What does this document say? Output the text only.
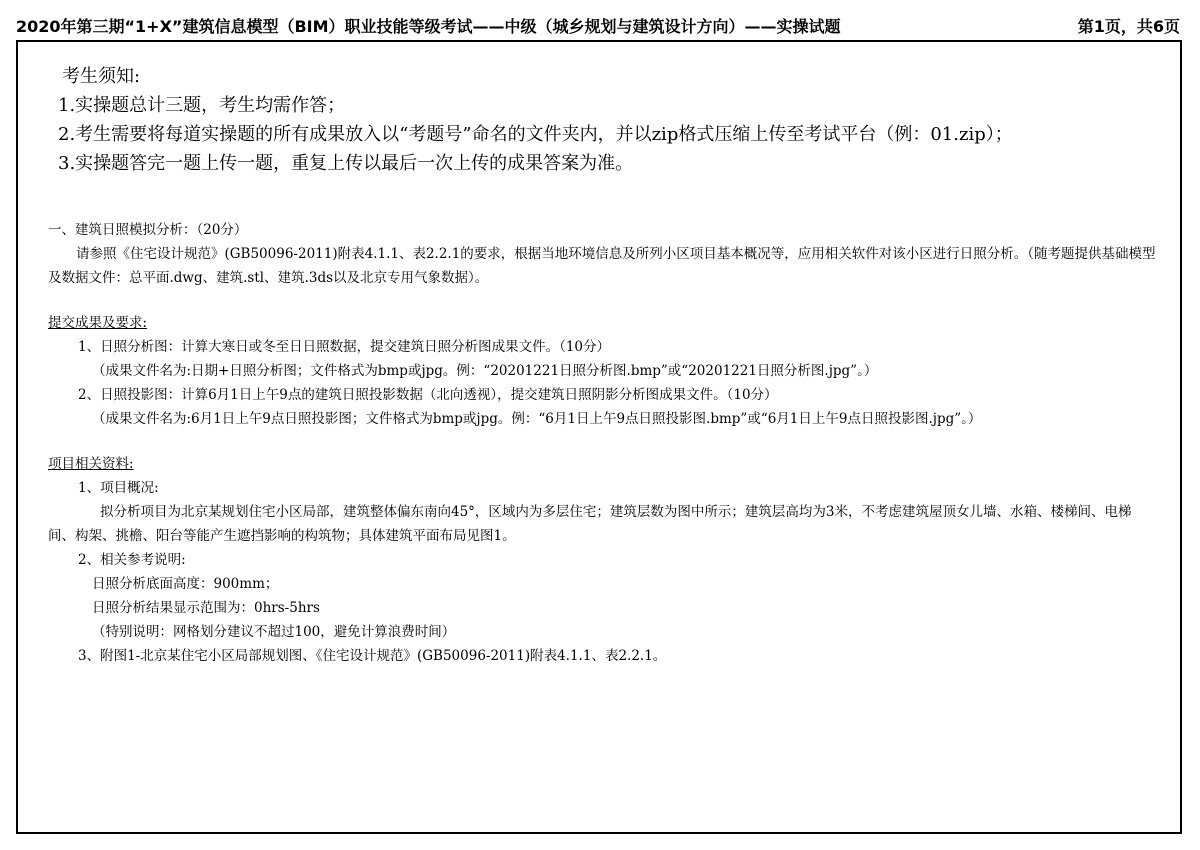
2020年第三期“1+X”建筑信息模型（BIM）职业技能等级考试——中级（城乡规划与建筑设计方向）——实操试题	第1页，共6页
考生须知:
1.实操题总计三题，考生均需作答；
2.考生需要将每道实操题的所有成果放入以“考题号”命名的文件夹内，并以zip格式压缩上传至考试平台（例：01.zip）；
3.实操题答完一题上传一题，重复上传以最后一次上传的成果答案为准。
一、建筑日照模拟分析：（20分）
请参照《住宅设计规范》(GB50096-2011)附表4.1.1、表2.2.1的要求，根据当地环境信息及所列小区项目基本概况等，应用相关软件对该小区进行日照分析。（随考题提供基础模型及数据文件：总平面.dwg、建筑.stl、建筑.3ds以及北京专用气象数据）。
提交成果及要求:
1、日照分析图：计算大寒日或冬至日日照数据，提交建筑日照分析图成果文件。（10分）
（成果文件名为:日期+日照分析图；文件格式为bmp或jpg。例：“20201221日照分析图.bmp”或“20201221日照分析图.jpg”。）
2、日照投影图：计算6月1日上午9点的建筑日照投影数据（北向透视），提交建筑日照阴影分析图成果文件。（10分）
（成果文件名为:6月1日上午9点日照投影图；文件格式为bmp或jpg。例：“6月1日上午9点日照投影图.bmp”或“6月1日上午9点日照投影图.jpg”。）
项目相关资料:
1、项目概况:
拟分析项目为北京某规划住宅小区局部，建筑整体偏东南向45°，区域内为多层住宅；建筑层数为图中所示；建筑层高均为3米，不考虑建筑屋顶女儿墙、水箱、楼梯间、电梯间、构架、挑檐、阳台等能产生遮挡影响的构筑物；具体建筑平面布局见图1。
2、相关参考说明:
日照分析底面高度：900mm；
日照分析结果显示范围为：0hrs-5hrs
（特别说明：网格划分建议不超过100，避免计算浪费时间）
3、附图1-北京某住宅小区局部规划图、《住宅设计规范》(GB50096-2011)附表4.1.1、表2.2.1。
